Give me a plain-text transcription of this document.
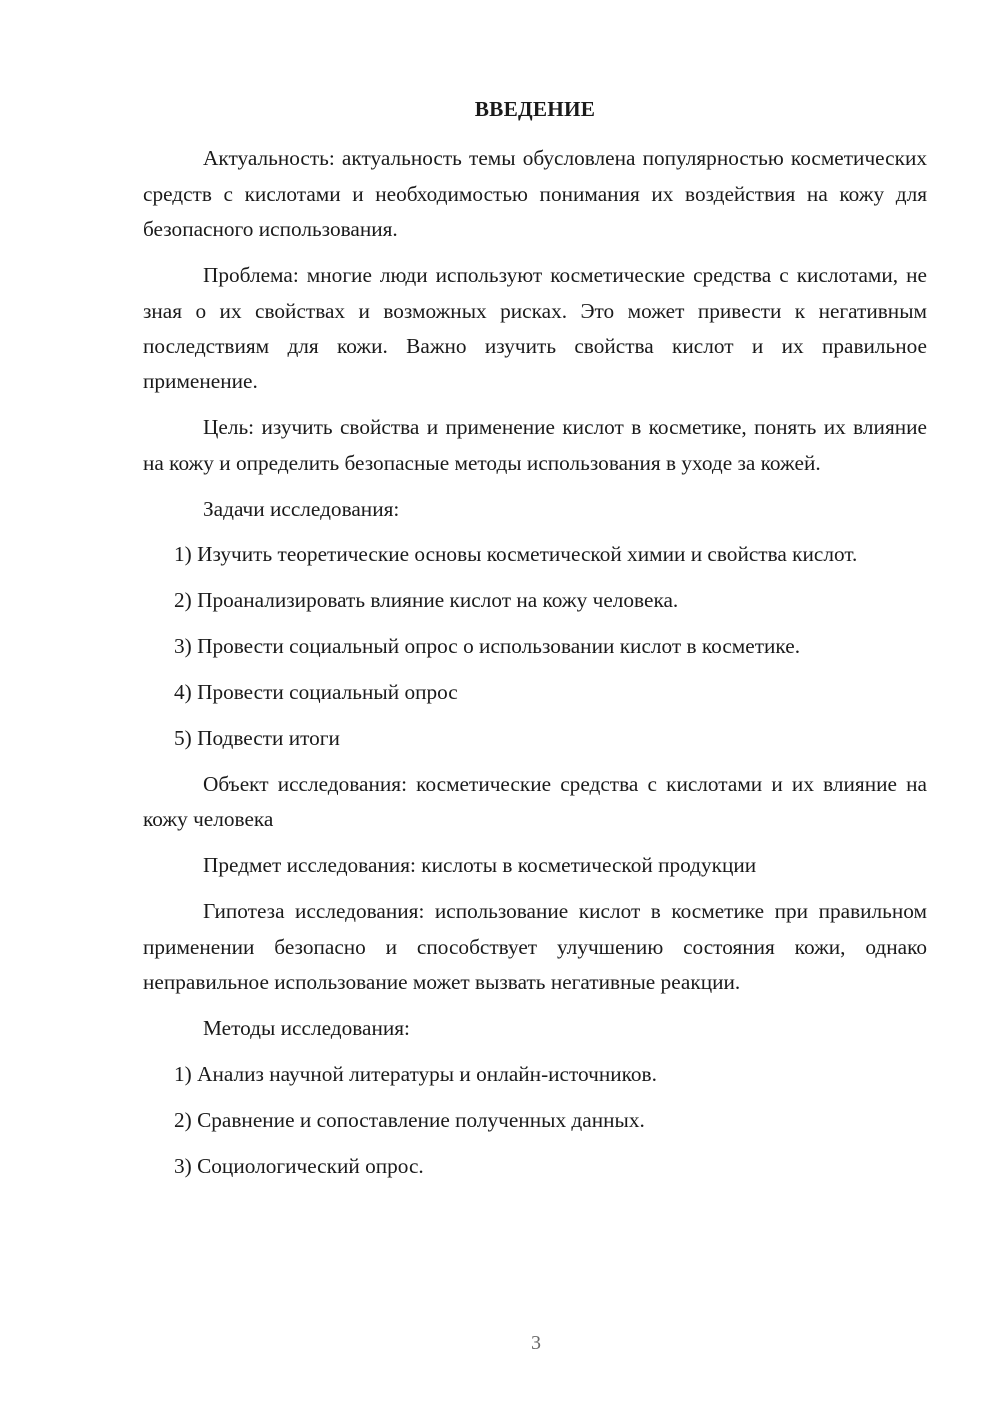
ВВЕДЕНИЕ

Актуальность: актуальность темы обусловлена популярностью косметических средств с кислотами и необходимостью понимания их воздействия на кожу для безопасного использования.

Проблема: многие люди используют косметические средства с кислотами, не зная о их свойствах и возможных рисках. Это может привести к негативным последствиям для кожи. Важно изучить свойства кислот и их правильное применение.

Цель: изучить свойства и применение кислот в косметике, понять их влияние на кожу и определить безопасные методы использования в уходе за кожей.

Задачи исследования:

1) Изучить теоретические основы косметической химии и свойства кислот.

2) Проанализировать влияние кислот на кожу человека.

3) Провести социальный опрос о использовании кислот в косметике.

4) Провести социальный опрос

5) Подвести итоги

Объект исследования: косметические средства с кислотами и их влияние на кожу человека

Предмет исследования: кислоты в косметической продукции

Гипотеза исследования: использование кислот в косметике при правильном применении безопасно и способствует улучшению состояния кожи, однако неправильное использование может вызвать негативные реакции.

Методы исследования:

1) Анализ научной литературы и онлайн-источников.

2) Сравнение и сопоставление полученных данных.

3) Социологический опрос.

3
